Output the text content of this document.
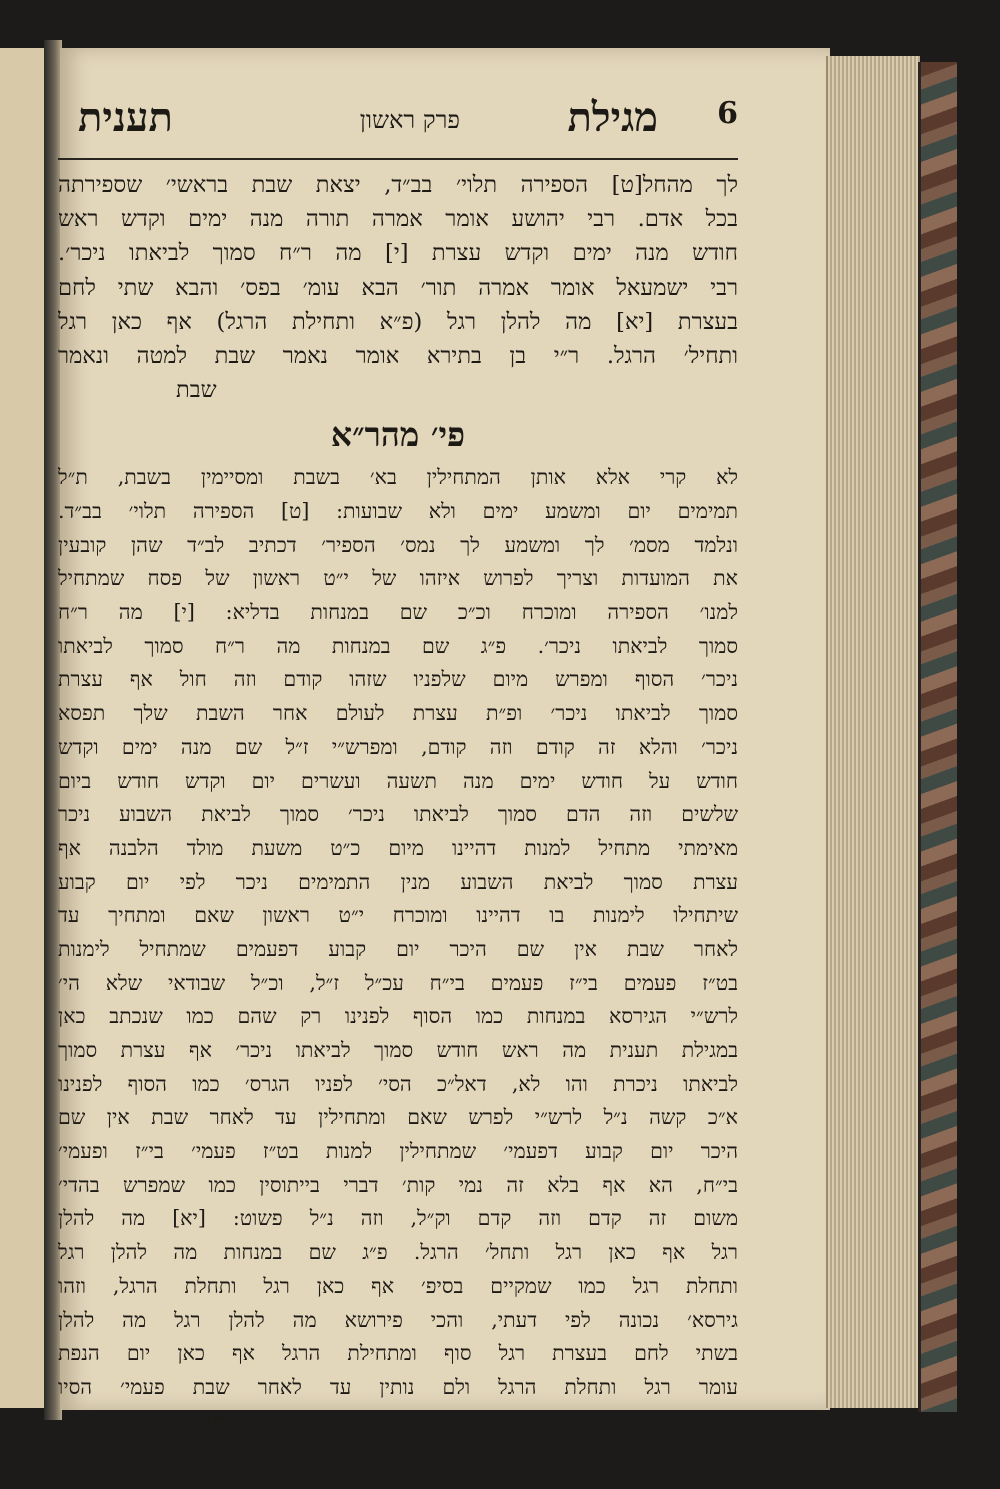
6
מגילת
פרק ראשון
תענית
לך מהחל[ט] הספירה תלוי׳ בב״ד, יצאת שבת בראשי׳ שספירתה
בכל אדם. רבי יהושע אומר אמרה תורה מנה ימים וקדש ראש
חודש מנה ימים וקדש עצרת [י] מה ר״ח סמוך לביאתו ניכר׳.
רבי ישמעאל אומר אמרה תור׳ הבא עומ׳ בפס׳ והבא שתי לחם
בעצרת [יא] מה להלן רגל (פ״א ותחילת הרגל) אף כאן רגל
ותחיל׳ הרגל. ר״י בן בתירא אומר נאמר שבת למטה ונאמר
שבת
פי׳ מהר״א
לא קרי אלא אותן המתחילין בא׳ בשבת ומסיימין בשבת, ת״ל
תמימים יום ומשמע ימים ולא שבועות: [ט] הספירה תלוי׳ בב״ד.
ונלמד מסמ׳ לך ומשמע לך נמס׳ הספיר׳ דכתיב לב״ד שהן קובעין
את המועדות וצריך לפרוש איזהו של י״ט ראשון של פסח שמתחיל
למנו׳ הספירה ומוכרח וכ״כ שם במנחות בדליא: [י] מה ר״ח
סמוך לביאתו ניכר׳. פ״ג שם במנחות מה ר״ח סמוך לביאתו
ניכר׳ הסוף ומפרש מיום שלפניו שזהו קודם וזה חול אף עצרת
סמוך לביאתו ניכר׳ ופ״ת עצרת לעולם אחר השבת שלך תפסא
ניכר׳ והלא זה קודם וזה קודם, ומפרש״י ז״ל שם מנה ימים וקדש
חודש על חודש ימים מנה תשעה ועשרים יום וקדש חודש ביום
שלשים וזה הדם סמוך לביאתו ניכר׳ סמוך לביאת השבוע ניכר
מאימתי מתחיל למנות דהיינו מיום כ״ט משעת מולד הלבנה אף
עצרת סמוך לביאת השבוע מנין התמימים ניכר לפי יום קבוע
שיתחילו לימנות בו דהיינו ומוכרח י״ט ראשון שאם ומתחיך עד
לאחר שבת אין שם היכר יום קבוע דפעמים שמתחיל לימנות
בט״ז פעמים בי״ז פעמים בי״ח עכ״ל ז״ל, וכ״ל שבודאי שלא הי׳
לרש״י הגירסא במנחות כמו הסוף לפנינו רק שהם כמו שנכתב כאן
במגילת תענית מה ראש חודש סמוך לביאתו ניכר׳ אף עצרת סמוך
לביאתו ניכרת והו לא, דאל״כ הסי׳ לפניו הגרס׳ כמו הסוף לפנינו
א״כ קשה נ״ל לרש״י לפרש שאם ומתחילין עד לאחר שבת אין שם
היכר יום קבוע דפעמי׳ שמתחילין למנות בט״ז פעמי׳ בי״ז ופעמי׳
בי״ח, הא אף בלא זה נמי קות׳ דברי בייתוסין כמו שמפרש בהדי׳
משום זה קדם וזה קדם וק״ל, וזה נ״ל פשוט: [יא] מה להלן
רגל אף כאן רגל ותחל׳ הרגל. פ״ג שם במנחות מה להלן רגל
ותחלת רגל כמו שמקיים בסיפ׳ אף כאן רגל ותחלת הרגל, וזהו
גירסא׳ נכונה לפי דעתי, והכי פירושא מה להלן רגל מה להלן
בשתי לחם בעצרת רגל סוף ומתחילת הרגל אף כאן יום הנפת
עומר רגל ותחלת הרגל ולם נותין עד לאחר שבת פעמי׳ הסיו
בחי׳
